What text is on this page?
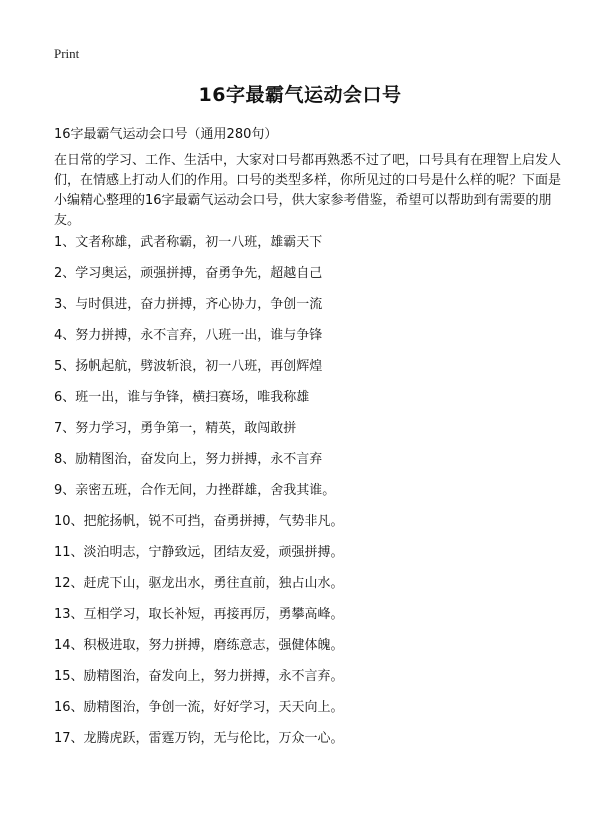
Print
16字最霸气运动会口号

16字最霸气运动会口号（通用280句）

在日常的学习、工作、生活中，大家对口号都再熟悉不过了吧，口号具有在理智上启发人们，在情感上打动人们的作用。口号的类型多样，你所见过的口号是什么样的呢？下面是小编精心整理的16字最霸气运动会口号，供大家参考借鉴，希望可以帮助到有需要的朋友。

1、文者称雄，武者称霸，初一八班，雄霸天下
2、学习奥运，顽强拼搏，奋勇争先，超越自己
3、与时俱进，奋力拼搏，齐心协力，争创一流
4、努力拼搏，永不言弃，八班一出，谁与争锋
5、扬帆起航，劈波斩浪，初一八班，再创辉煌
6、班一出，谁与争锋，横扫赛场，唯我称雄
7、努力学习，勇争第一，精英，敢闯敢拼
8、励精图治，奋发向上，努力拼搏，永不言弃
9、亲密五班，合作无间，力挫群雄，舍我其谁。
10、把舵扬帆，锐不可挡，奋勇拼搏，气势非凡。
11、淡泊明志，宁静致远，团结友爱，顽强拼搏。
12、赶虎下山，驱龙出水，勇往直前，独占山水。
13、互相学习，取长补短，再接再厉，勇攀高峰。
14、积极进取，努力拼搏，磨练意志，强健体魄。
15、励精图治，奋发向上，努力拼搏，永不言弃。
16、励精图治，争创一流，好好学习，天天向上。
17、龙腾虎跃，雷霆万钧，无与伦比，万众一心。
